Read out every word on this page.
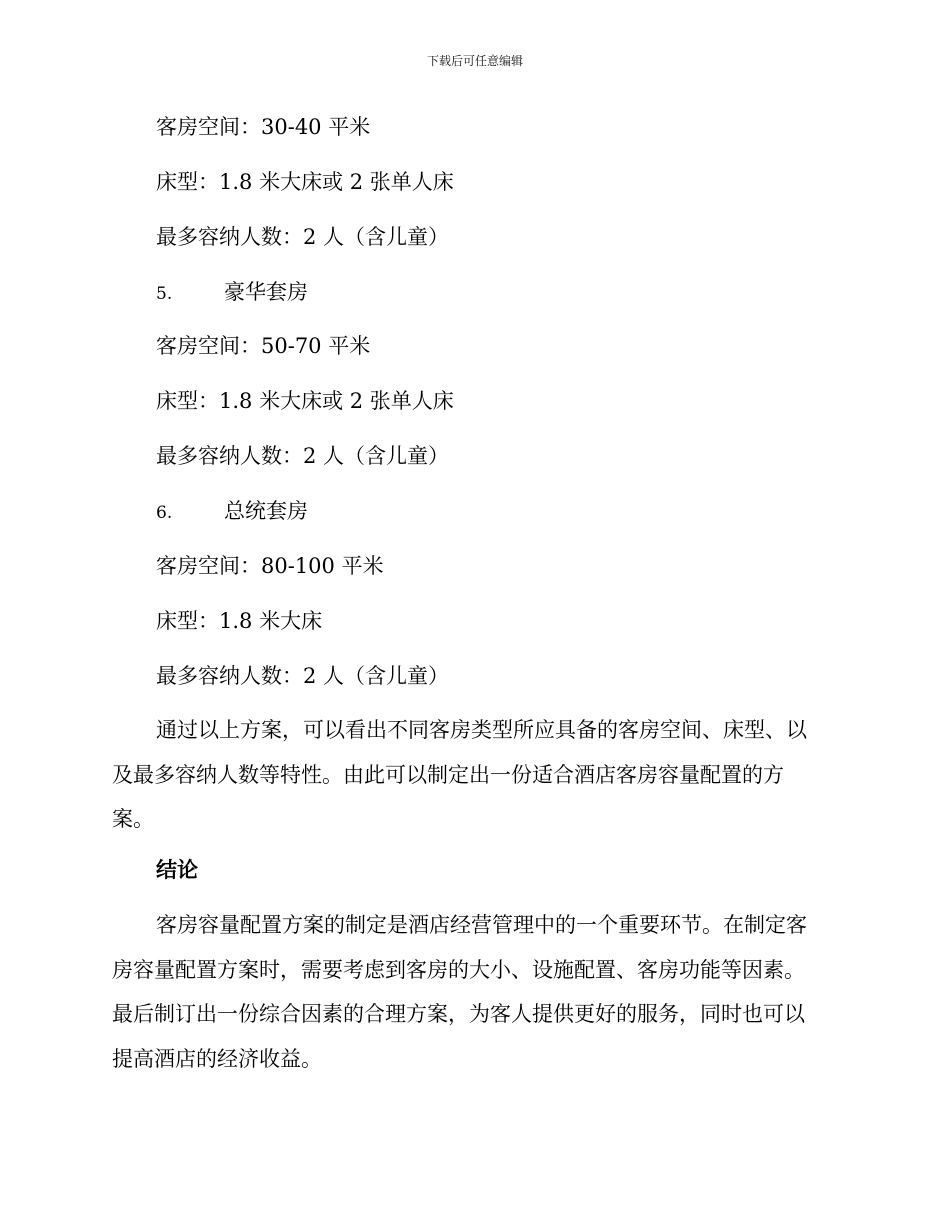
下载后可任意编辑
客房空间：30-40 平米
床型：1.8 米大床或 2 张单人床
最多容纳人数：2 人（含儿童）
5. 豪华套房
客房空间：50-70 平米
床型：1.8 米大床或 2 张单人床
最多容纳人数：2 人（含儿童）
6. 总统套房
客房空间：80-100 平米
床型：1.8 米大床
最多容纳人数：2 人（含儿童）
通过以上方案，可以看出不同客房类型所应具备的客房空间、床型、以
及最多容纳人数等特性。由此可以制定出一份适合酒店客房容量配置的方
案。
结论
客房容量配置方案的制定是酒店经营管理中的一个重要环节。在制定客
房容量配置方案时，需要考虑到客房的大小、设施配置、客房功能等因素。
最后制订出一份综合因素的合理方案，为客人提供更好的服务，同时也可以
提高酒店的经济收益。
